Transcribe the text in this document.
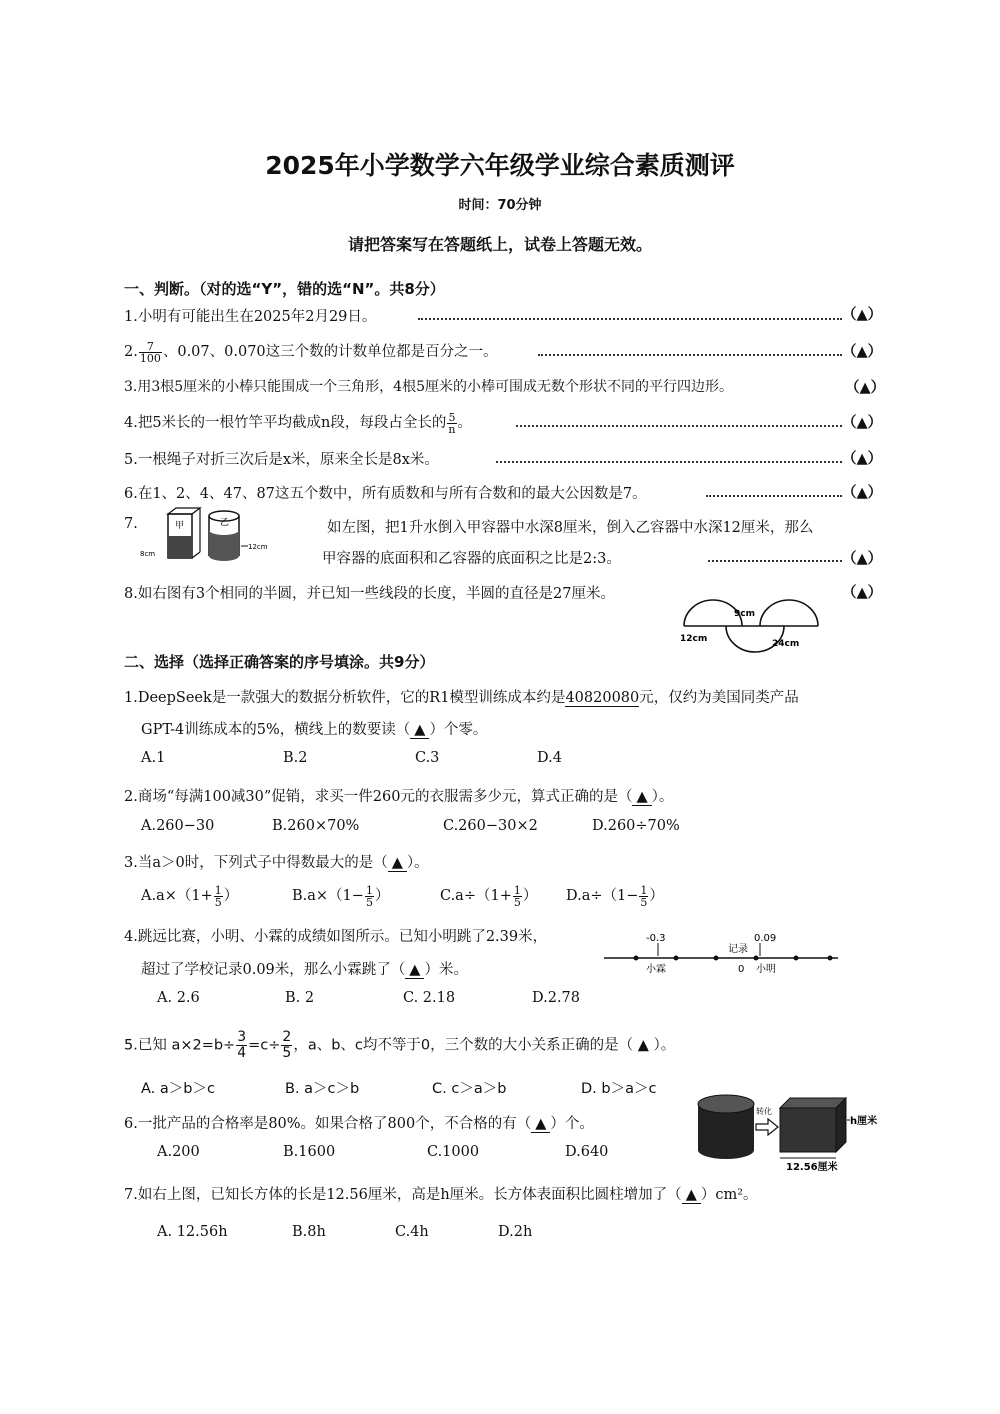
2025年小学数学六年级学业综合素质测评
时间：70分钟
请把答案写在答题纸上，试卷上答题无效。
一、判断。（对的选“Y”，错的选“N”。共8分）
1.小明有可能出生在2025年2月29日。	（▲）
2. $\frac{7}{100}$ 、0.07、0.070这三个数的计数单位都是百分之一。	（▲）
3.用3根5厘米的小棒只能围成一个三角形，4根5厘米的小棒可围成无数个形状不同的平行四边形。	（▲）
4.把5米长的一根竹竿平均截成n段，每段占全长的 $\frac{5}{n}$ 。	（▲）
5.一根绳子对折三次后是x米，原来全长是8x米。	（▲）
6.在1、2、4、47、87这五个数中，所有质数和与所有合数和的最大公因数是7。	（▲）
7.	甲
8cm
乙
12cm
如左图，把1升水倒入甲容器中水深8厘米，倒入乙容器中水深12厘米，那么
甲容器的底面积和乙容器的底面积之比是2:3。	（▲）
8.如右图有3个相同的半圆，并已知一些线段的长度，半圆的直径是27厘米。	（▲）
9cm
12cm	24cm
二、选择（选择正确答案的序号填涂。共9分）
1.DeepSeek是一款强大的数据分析软件，它的R1模型训练成本约是40820080元，仅约为美国同类产品
GPT-4训练成本的5%，横线上的数要读（ ▲ ）个零。
A.1	B.2	C.3	D.4
2.商场“每满100减30”促销，求买一件260元的衣服需多少元，算式正确的是（ ▲ ）。
A.260−30	B.260×70%	C.260−30×2	D.260÷70%
3.当a＞0时，下列式子中得数最大的是（ ▲ ）。
$A.a\times(1+ \frac{1}{5}$ ）	$B.a\times(1- \frac{1}{5}$ ）	$C.a\div(1+ \frac{1}{5}$ ） $D.a\div(1- \frac{1}{5}$ ）
4.跳远比赛，小明、小霖的成绩如图所示。已知小明跳了2.39米，
超过了学校记录0.09米，那么小霖跳了（ ▲ ）米。
-0.3
记录
0.09
小霖	0 小明
A. 2.6	B. 2	C. 2.18	D.2.78
5.已知 $a\times 2=b\div \frac{3}{4} =c\div \frac{2}{5}$ ，a、b、c均不等于0，三个数的大小关系正确的是（ ▲ ）。
A. a＞b＞c	B. a＞c＞b	C. c＞a＞b	D. b＞a＞c
6.一批产品的合格率是80%。如果合格了800个，不合格的有（ ▲ ）个。
转化
h厘米
12.56厘米
A.200	B.1600	C.1000	D.640
7.如右上图，已知长方体的长是12.56厘米，高是h厘米。长方体表面积比圆柱增加了（ ▲ ）cm²。
A. 12.56h	B.8h	C.4h	D.2h
